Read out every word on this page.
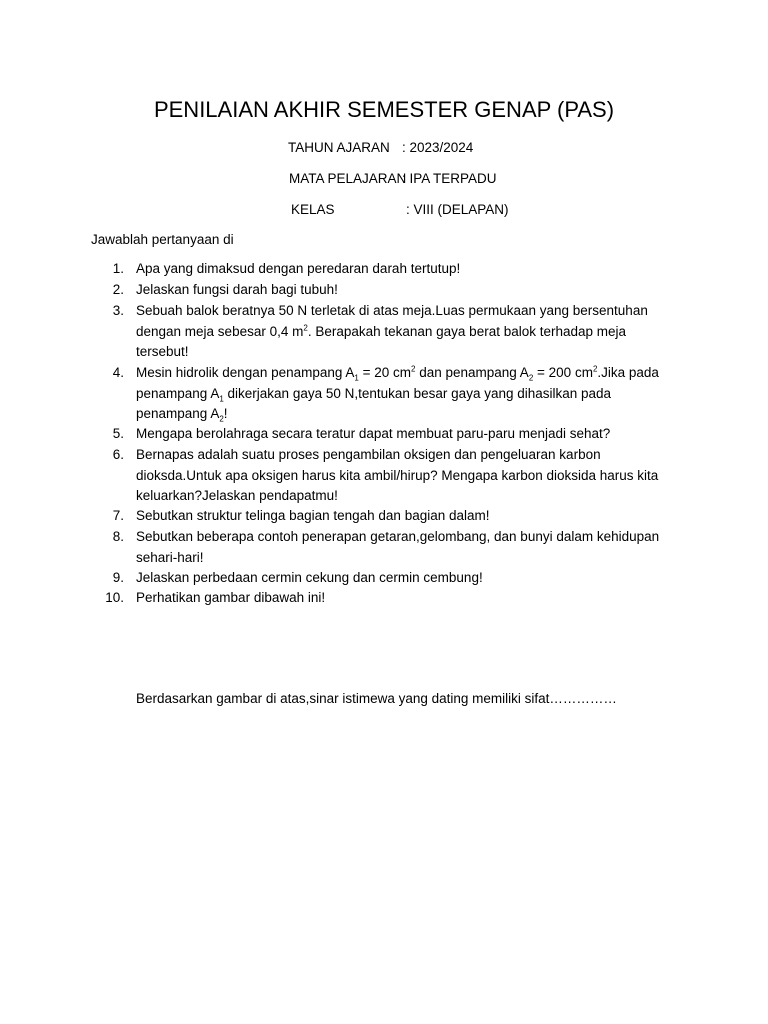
PENILAIAN AKHIR SEMESTER GENAP (PAS)
TAHUN AJARAN : 2023/2024
MATA PELAJARAN
: IPA TERPADU
KELAS	: VIII (DELAPAN)
Jawablah pertanyaan di
1. Apa yang dimaksud dengan peredaran darah tertutup!
2. Jelaskan fungsi darah bagi tubuh!
3. Sebuah balok beratnya 50 N terletak di atas meja.Luas permukaan yang bersentuhan dengan meja sebesar 0,4 $m^2$. Berapakah tekanan gaya berat balok terhadap meja tersebut!
4. Mesin hidrolik dengan penampang $A_1 = 20$ $cm^2$ dan penampang $A_2 = 200$ $cm^2.Jika$ pada penampang $A_1$ dikerjakan gaya 50 N,tentukan besar gaya yang dihasilkan pada penampang $A_2$!
5. Mengapa berolahraga secara teratur dapat membuat paru-paru menjadi sehat?
6. Bernapas adalah suatu proses pengambilan oksigen dan pengeluaran karbon dioksda.Untuk apa oksigen harus kita ambil/hirup? Mengapa karbon dioksida harus kita keluarkan?Jelaskan pendapatmu!
7. Sebutkan struktur telinga bagian tengah dan bagian dalam!
8. Sebutkan beberapa contoh penerapan getaran,gelombang, dan bunyi dalam kehidupan sehari-hari!
9. Jelaskan perbedaan cermin cekung dan cermin cembung!
10. Perhatikan gambar dibawah ini!
Berdasarkan gambar di atas,sinar istimewa yang dating memiliki sifat……………
